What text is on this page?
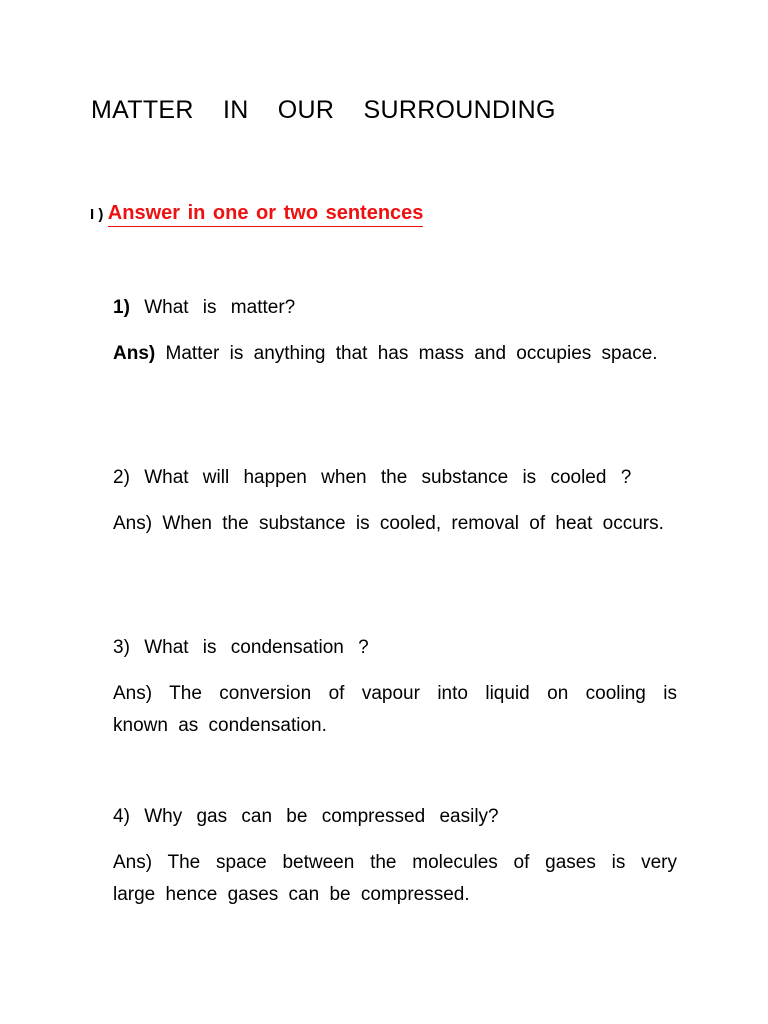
MATTER IN OUR SURROUNDING
I ) Answer in one or two sentences
1) What is matter?
Ans) Matter is anything that has mass and occupies space.
2) What will happen when the substance is cooled ?
Ans) When the substance is cooled, removal of heat occurs.
3) What is condensation ?
Ans) The conversion of vapour into liquid on cooling is known as condensation.
4) Why gas can be compressed easily?
Ans) The space between the molecules of gases is very large hence gases can be compressed.
